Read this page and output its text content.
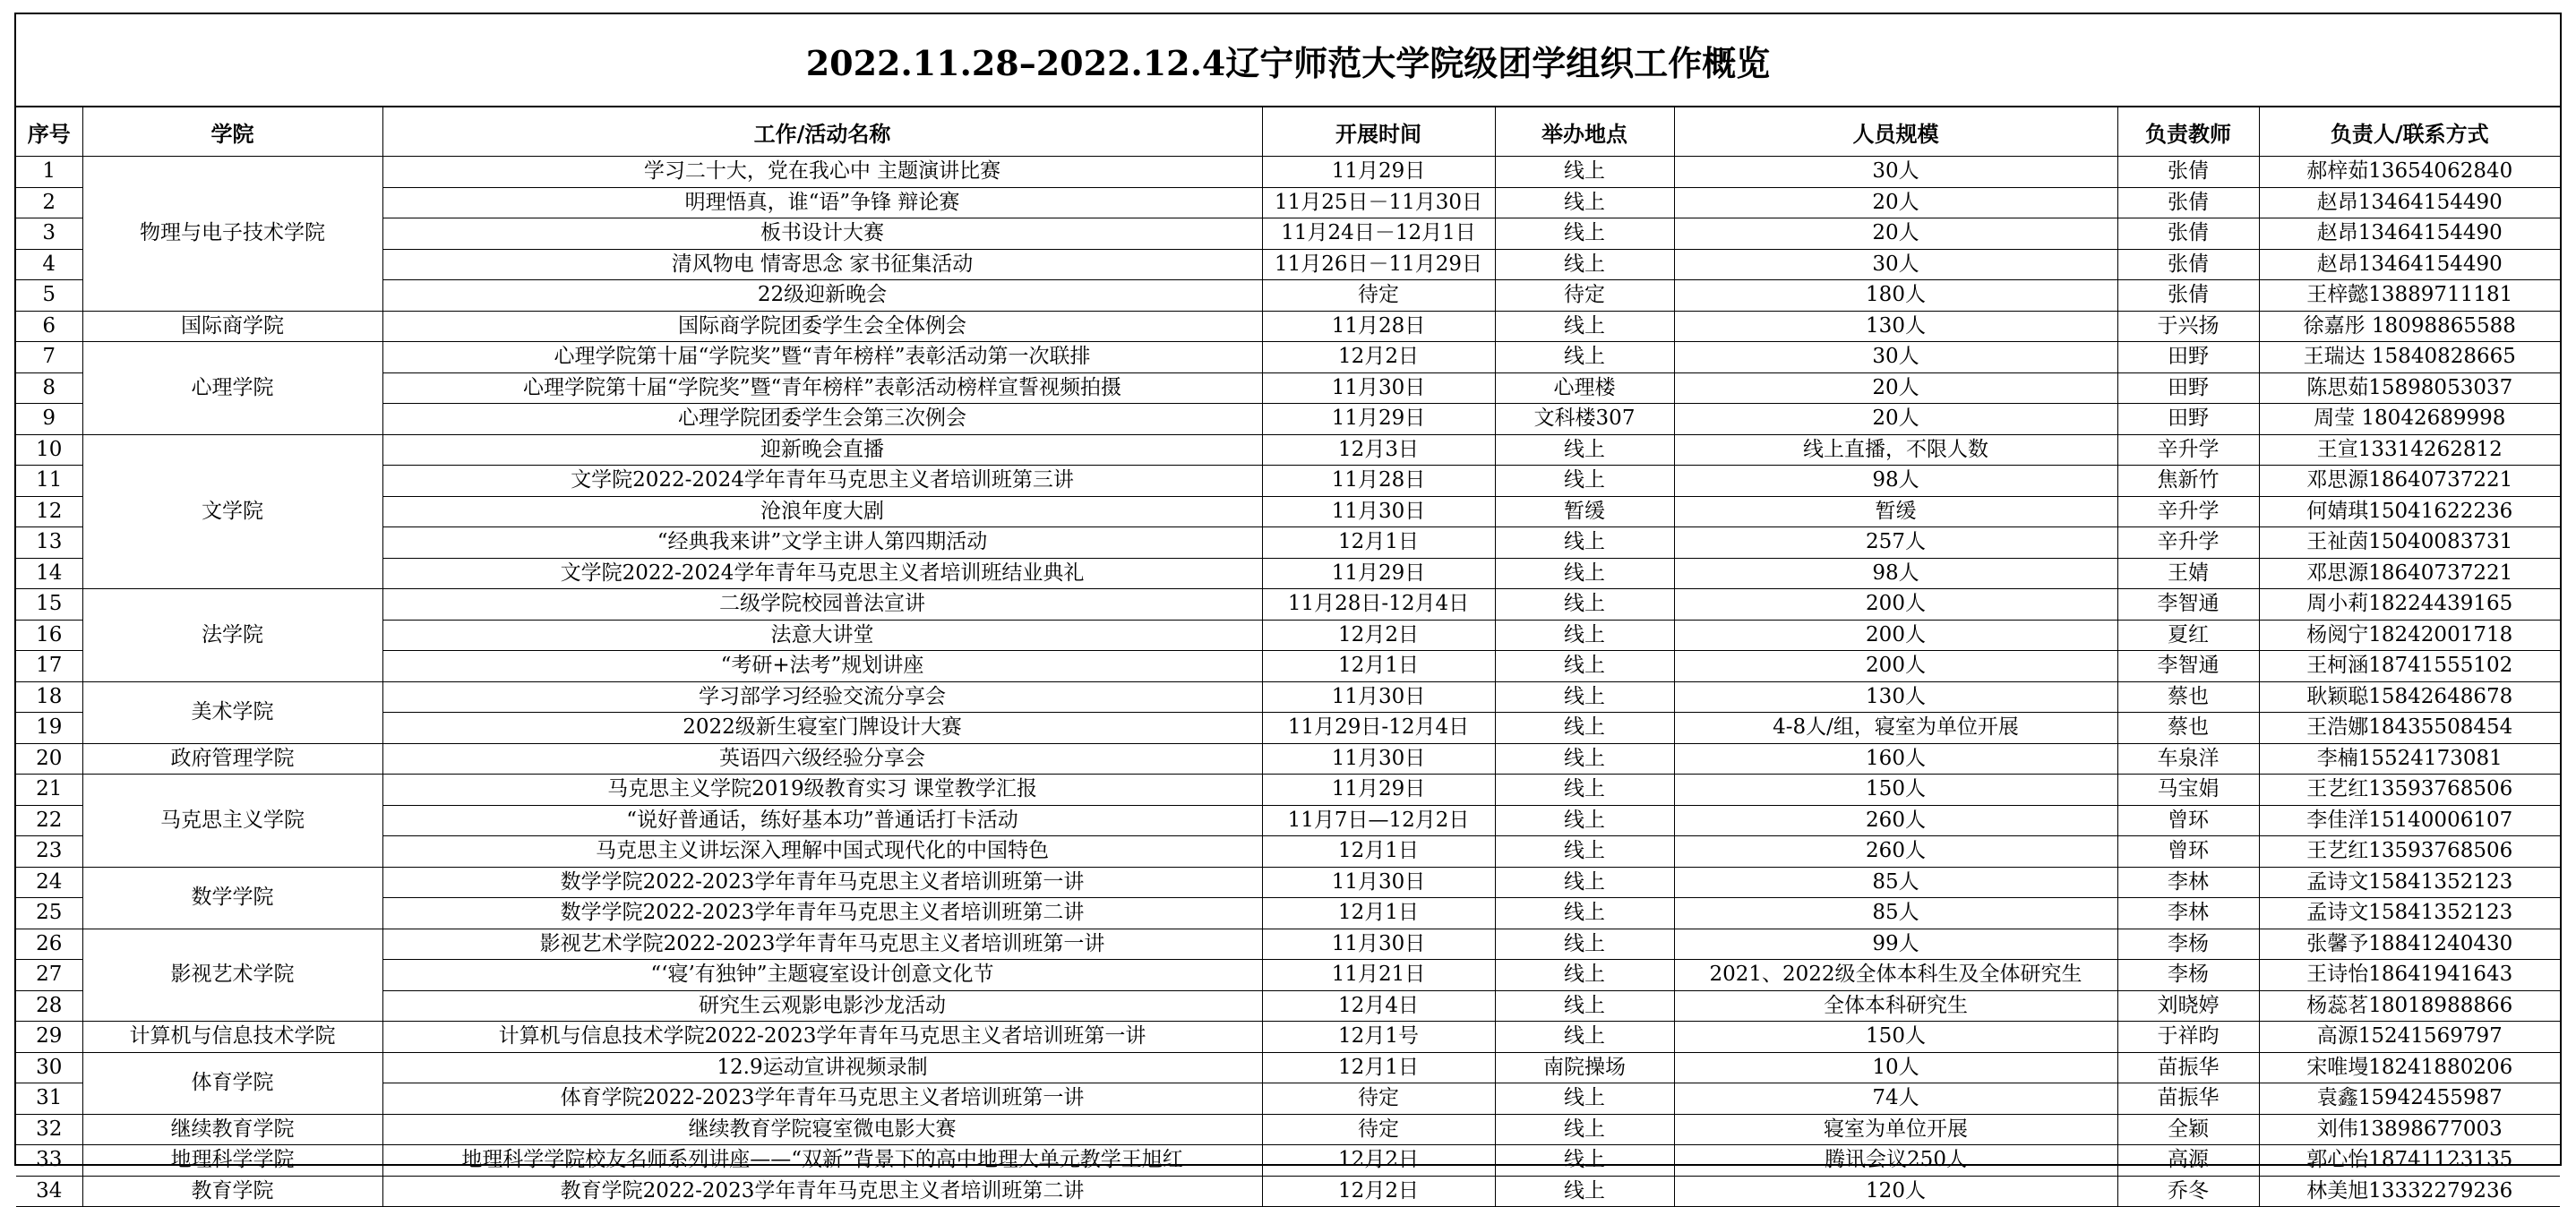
2022.11.28–2022.12.4辽宁师范大学院级团学组织工作概览
序号	学院	工作/活动名称	开展时间	举办地点	人员规模	负责教师	负责人/联系方式
1	物理与电子技术学院	学习二十大，党在我心中 主题演讲比赛	11月29日	线上	30人	张倩	郝梓茹13654062840
2		明理悟真，谁“语”争锋 辩论赛	11月25日－11月30日	线上	20人	张倩	赵昂13464154490
3		板书设计大赛	11月24日－12月1日	线上	20人	张倩	赵昂13464154490
4		清风物电 情寄思念 家书征集活动	11月26日－11月29日	线上	30人	张倩	赵昂13464154490
5		22级迎新晚会	待定	待定	180人	张倩	王梓懿13889711181
6	国际商学院	国际商学院团委学生会全体例会	11月28日	线上	130人	于兴扬	徐嘉彤 18098865588
7	心理学院	心理学院第十届“学院奖”暨“青年榜样”表彰活动第一次联排	12月2日	线上	30人	田野	王瑞达 15840828665
8		心理学院第十届“学院奖”暨“青年榜样”表彰活动榜样宣誓视频拍摄	11月30日	心理楼	20人	田野	陈思茹15898053037
9		心理学院团委学生会第三次例会	11月29日	文科楼307	20人	田野	周莹 18042689998
10	文学院	迎新晚会直播	12月3日	线上	线上直播，不限人数	辛升学	王宣13314262812
11		文学院2022-2024学年青年马克思主义者培训班第三讲	11月28日	线上	98人	焦新竹	邓思源18640737221
12		沧浪年度大剧	11月30日	暂缓	暂缓	辛升学	何婧琪15041622236
13		“经典我来讲”文学主讲人第四期活动	12月1日	线上	257人	辛升学	王祉茵15040083731
14		文学院2022-2024学年青年马克思主义者培训班结业典礼	11月29日	线上	98人	王婧	邓思源18640737221
15	法学院	二级学院校园普法宣讲	11月28日-12月4日	线上	200人	李智通	周小莉18224439165
16		法意大讲堂	12月2日	线上	200人	夏红	杨阅宁18242001718
17		“考研+法考”规划讲座	12月1日	线上	200人	李智通	王柯涵18741555102
18	美术学院	学习部学习经验交流分享会	11月30日	线上	130人	蔡也	耿颖聪15842648678
19		2022级新生寝室门牌设计大赛	11月29日-12月4日	线上	4-8人/组，寝室为单位开展	蔡也	王浩娜18435508454
20	政府管理学院	英语四六级经验分享会	11月30日	线上	160人	车泉洋	李楠15524173081
21	马克思主义学院	马克思主义学院2019级教育实习 课堂教学汇报	11月29日	线上	150人	马宝娟	王艺红13593768506
22		“说好普通话，练好基本功”普通话打卡活动	11月7日—12月2日	线上	260人	曾环	李佳洋15140006107
23		马克思主义讲坛深入理解中国式现代化的中国特色	12月1日	线上	260人	曾环	王艺红13593768506
24	数学学院	数学学院2022-2023学年青年马克思主义者培训班第一讲	11月30日	线上	85人	李林	孟诗文15841352123
25		数学学院2022-2023学年青年马克思主义者培训班第二讲	12月1日	线上	85人	李林	孟诗文15841352123
26	影视艺术学院	影视艺术学院2022-2023学年青年马克思主义者培训班第一讲	11月30日	线上	99人	李杨	张馨予18841240430
27		“‘寝’有独钟”主题寝室设计创意文化节	11月21日	线上	2021、2022级全体本科生及全体研究生	李杨	王诗怡18641941643
28		研究生云观影电影沙龙活动	12月4日	线上	全体本科研究生	刘晓婷	杨蕊茗18018988866
29	计算机与信息技术学院	计算机与信息技术学院2022-2023学年青年马克思主义者培训班第一讲	12月1号	线上	150人	于祥昀	高源15241569797
30	体育学院	12.9运动宣讲视频录制	12月1日	南院操场	10人	苗振华	宋唯墁18241880206
31		体育学院2022-2023学年青年马克思主义者培训班第一讲	待定	线上	74人	苗振华	袁鑫15942455987
32	继续教育学院	继续教育学院寝室微电影大赛	待定	线上	寝室为单位开展	全颖	刘伟13898677003
33	地理科学学院	地理科学学院校友名师系列讲座——“双新”背景下的高中地理大单元教学王旭红	12月2日	线上	腾讯会议250人	高源	郭心怡18741123135
34	教育学院	教育学院2022-2023学年青年马克思主义者培训班第二讲	12月2日	线上	120人	乔冬	林美旭13332279236
